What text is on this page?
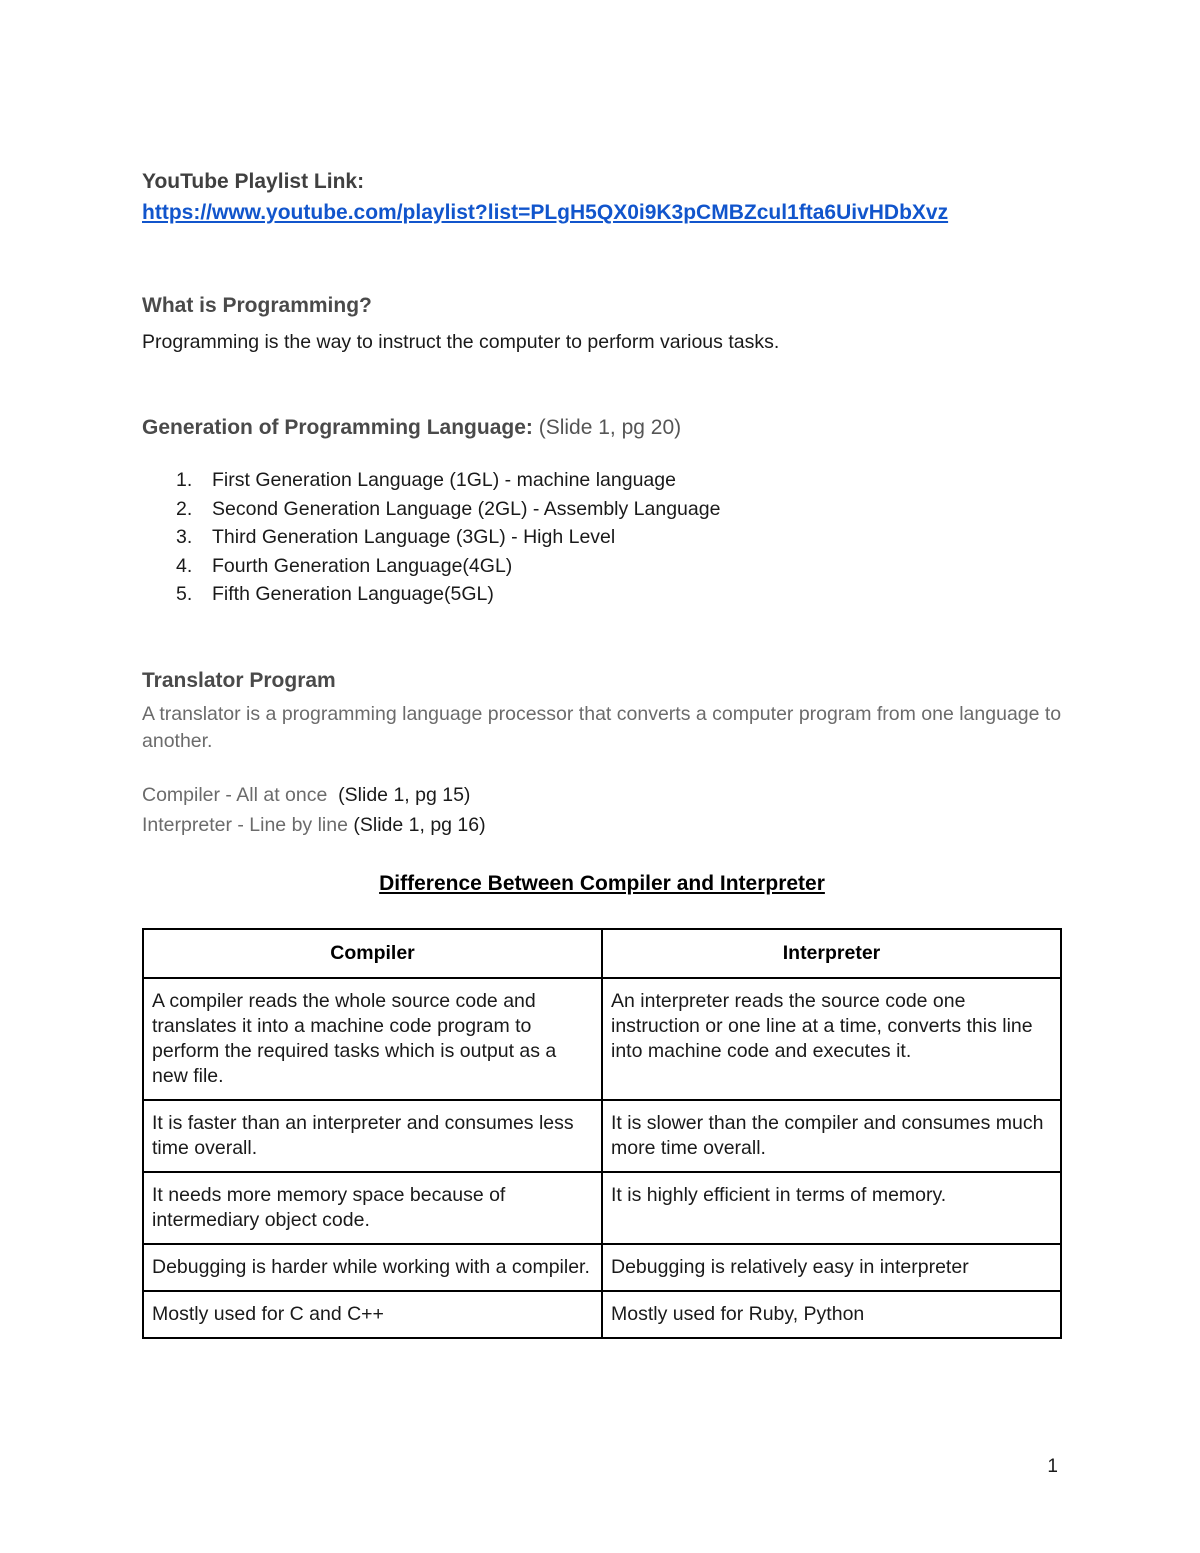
YouTube Playlist Link:
https://www.youtube.com/playlist?list=PLgH5QX0i9K3pCMBZcul1fta6UivHDbXvz
What is Programming?
Programming is the way to instruct the computer to perform various tasks.
Generation of Programming Language: (Slide 1, pg 20)
1. First Generation Language (1GL) - machine language
2. Second Generation Language (2GL) - Assembly Language
3. Third Generation Language (3GL) - High Level
4. Fourth Generation Language(4GL)
5. Fifth Generation Language(5GL)
Translator Program
A translator is a programming language processor that converts a computer program from one language to another.
Compiler - All at once (Slide 1, pg 15)
Interpreter - Line by line (Slide 1, pg 16)
Difference Between Compiler and Interpreter
Compiler	Interpreter
A compiler reads the whole source code and translates it into a machine code program to perform the required tasks which is output as a new file.	An interpreter reads the source code one instruction or one line at a time, converts this line into machine code and executes it.
It is faster than an interpreter and consumes less time overall.	It is slower than the compiler and consumes much more time overall.
It needs more memory space because of intermediary object code.	It is highly efficient in terms of memory.
Debugging is harder while working with a compiler.	Debugging is relatively easy in interpreter
Mostly used for C and C++	Mostly used for Ruby, Python
1
